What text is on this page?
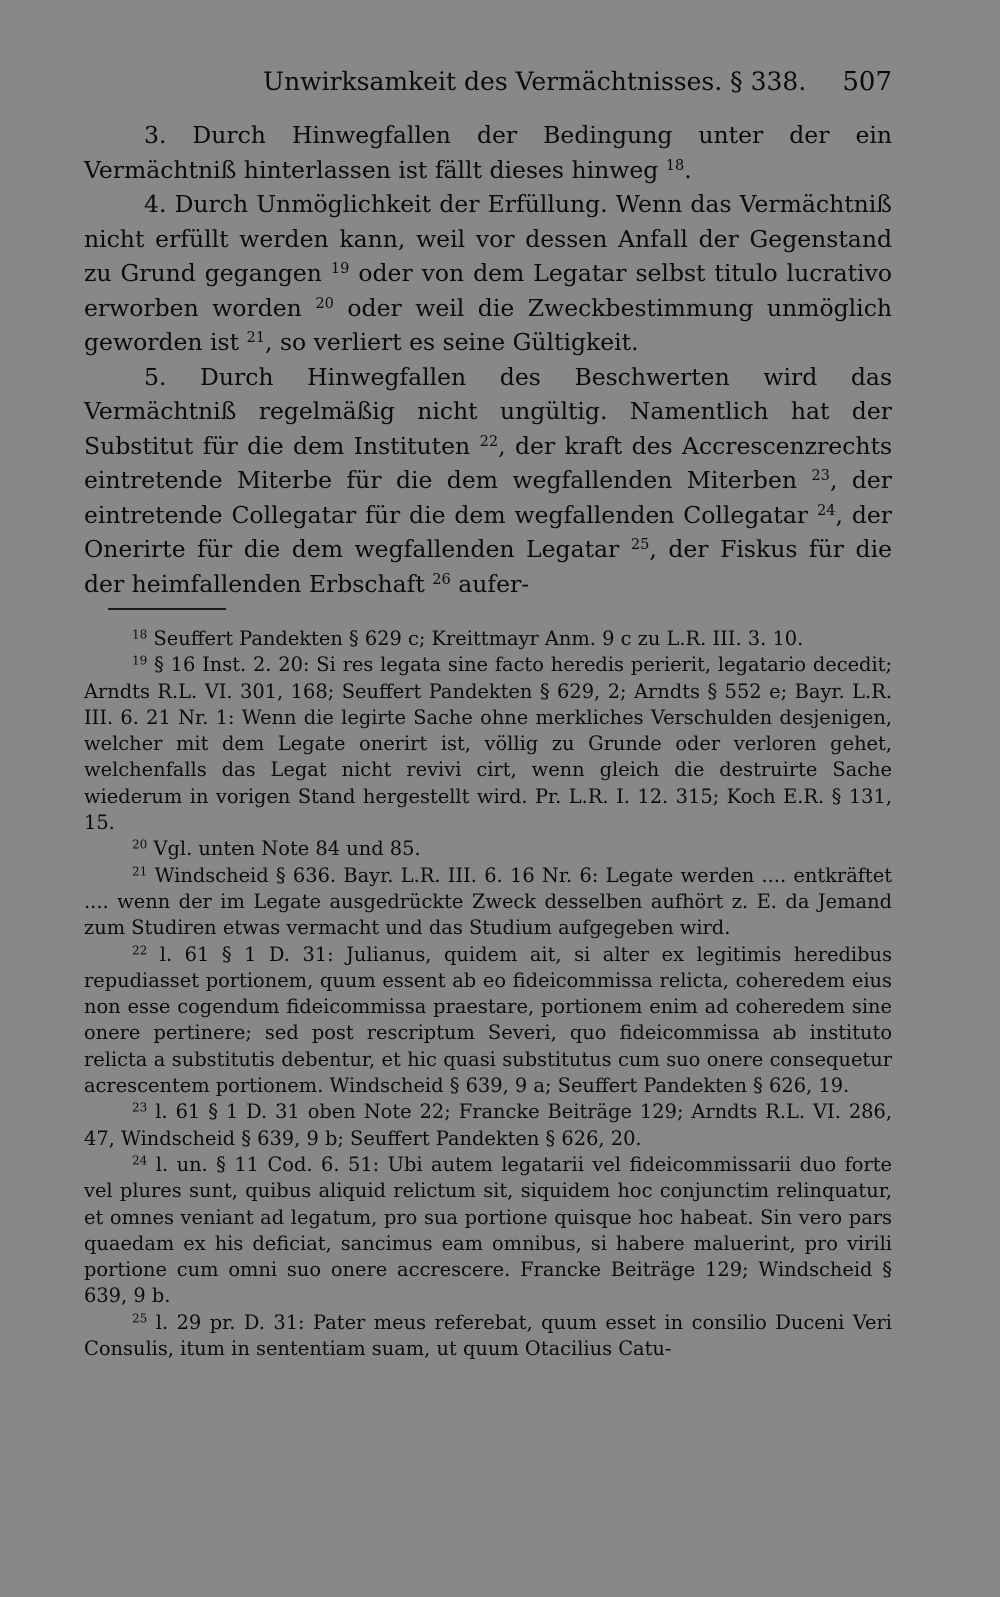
Unwirksamkeit des Vermächtnisses. § 338. 507

3. Durch Hinwegfallen der Bedingung unter der ein Vermächtniß hinterlassen ist fällt dieses hinweg $^{18}$.

4. Durch Unmöglichkeit der Erfüllung. Wenn das Vermächtniß nicht erfüllt werden kann, weil vor dessen Anfall der Gegenstand zu Grund gegangen $^{19}$ oder von dem Legatar selbst titulo lucrativo erworben worden $^{20}$ oder weil die Zweckbestimmung unmöglich geworden ist $^{21}$, so verliert es seine Gültigkeit.

5. Durch Hinwegfallen des Beschwerten wird das Vermächtniß regelmäßig nicht ungültig. Namentlich hat der Substitut für die dem Instituten $^{22}$, der kraft des Accrescenzrechts eintretende Miterbe für die dem wegfallenden Miterben $^{23}$, der eintretende Collegatar für die dem wegfallenden Collegatar $^{24}$, der Onerirte für die dem wegfallenden Legatar $^{25}$, der Fiskus für die der heimfallenden Erbschaft $^{26}$ aufer-

$^{18}$ Seuffert Pandekten § 629 c; Kreittmayr Anm. 9 c zu L.R. III. 3. 10.

$^{19}$ § 16 Inst. 2. 20: Si res legata sine facto heredis perierit, legatario decedit; Arndts R.L. VI. 301, 168; Seuffert Pandekten § 629, 2; Arndts § 552 e; Bayr. L.R. III. 6. 21 Nr. 1: Wenn die legirte Sache ohne merkliches Verschulden desjenigen, welcher mit dem Legate onerirt ist, völlig zu Grunde oder verloren gehet, welchenfalls das Legat nicht revivi cirt, wenn gleich die destruirte Sache wiederum in vorigen Stand hergestellt wird. Pr. L.R. I. 12. 315; Koch E.R. § 131, 15.

$^{20}$ Vgl. unten Note 84 und 85.

$^{21}$ Windscheid § 636. Bayr. L.R. III. 6. 16 Nr. 6: Legate werden .... entkräftet .... wenn der im Legate ausgedrückte Zweck desselben aufhört z. E. da Jemand zum Studiren etwas vermacht und das Studium aufgegeben wird.

$^{22}$ l. 61 § 1 D. 31: Julianus, quidem ait, si alter ex legitimis heredibus repudiasset portionem, quum essent ab eo fideicommissa relicta, coheredem eius non esse cogendum fideicommissa praestare, portionem enim ad coheredem sine onere pertinere; sed post rescriptum Severi, quo fideicommissa ab instituto relicta a substitutis debentur, et hic quasi substitutus cum suo onere consequetur acrescentem portionem. Windscheid § 639, 9 a; Seuffert Pandekten § 626, 19.

$^{23}$ l. 61 § 1 D. 31 oben Note 22; Francke Beiträge 129; Arndts R.L. VI. 286, 47, Windscheid § 639, 9 b; Seuffert Pandekten § 626, 20.

$^{24}$ l. un. § 11 Cod. 6. 51: Ubi autem legatarii vel fideicommissarii duo forte vel plures sunt, quibus aliquid relictum sit, siquidem hoc conjunctim relinquatur, et omnes veniant ad legatum, pro sua portione quisque hoc habeat. Sin vero pars quaedam ex his deficiat, sancimus eam omnibus, si habere maluerint, pro virili portione cum omni suo onere accrescere. Francke Beiträge 129; Windscheid § 639, 9 b.

$^{25}$ l. 29 pr. D. 31: Pater meus referebat, quum esset in consilio Duceni Veri Consulis, itum in sententiam suam, ut quum Otacilius Catu-
